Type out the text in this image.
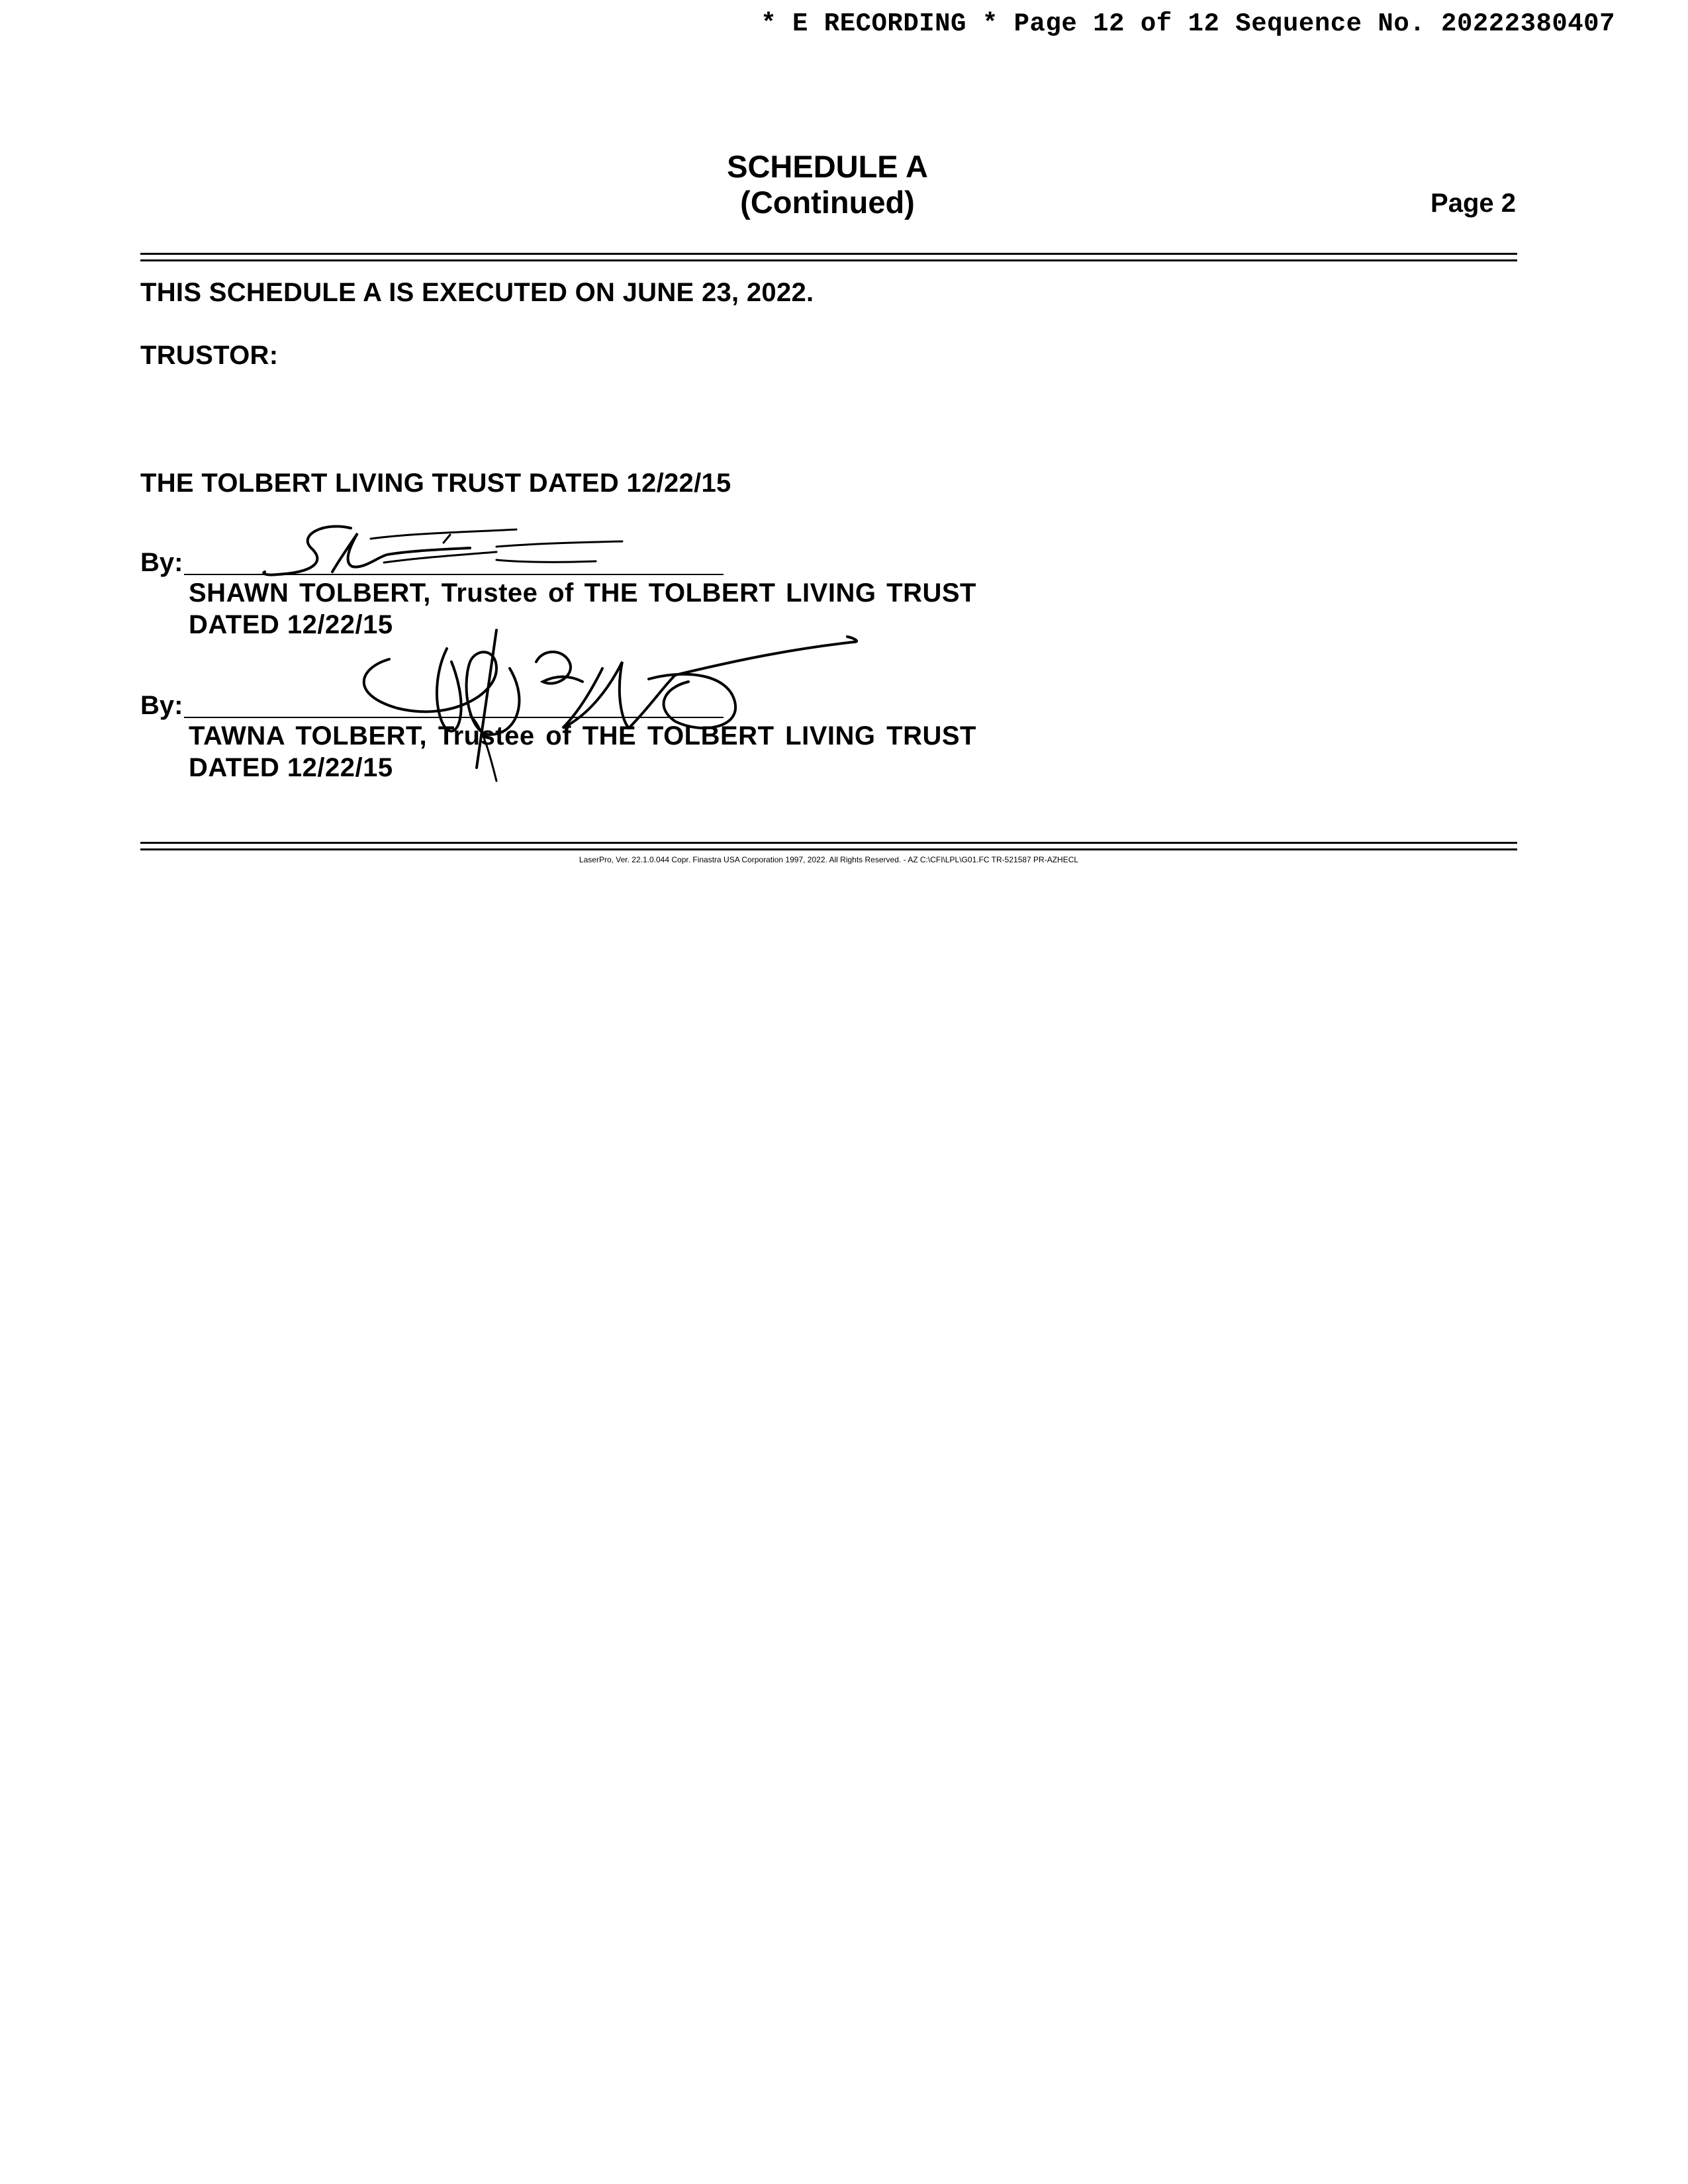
* E RECORDING * Page 12 of 12 Sequence No. 20222380407
SCHEDULE A
(Continued)	Page 2
THIS SCHEDULE A IS EXECUTED ON JUNE 23, 2022.
TRUSTOR:
THE TOLBERT LIVING TRUST DATED 12/22/15
By:
SHAWN TOLBERT, Trustee of THE TOLBERT LIVING TRUST
DATED 12/22/15
By:
TAWNA TOLBERT, Trustee of THE TOLBERT LIVING TRUST
DATED 12/22/15
LaserPro, Ver. 22.1.0.044 Copr. Finastra USA Corporation 1997, 2022. All Rights Reserved. - AZ C:\CFI\LPL\G01.FC TR-521587 PR-AZHECL
